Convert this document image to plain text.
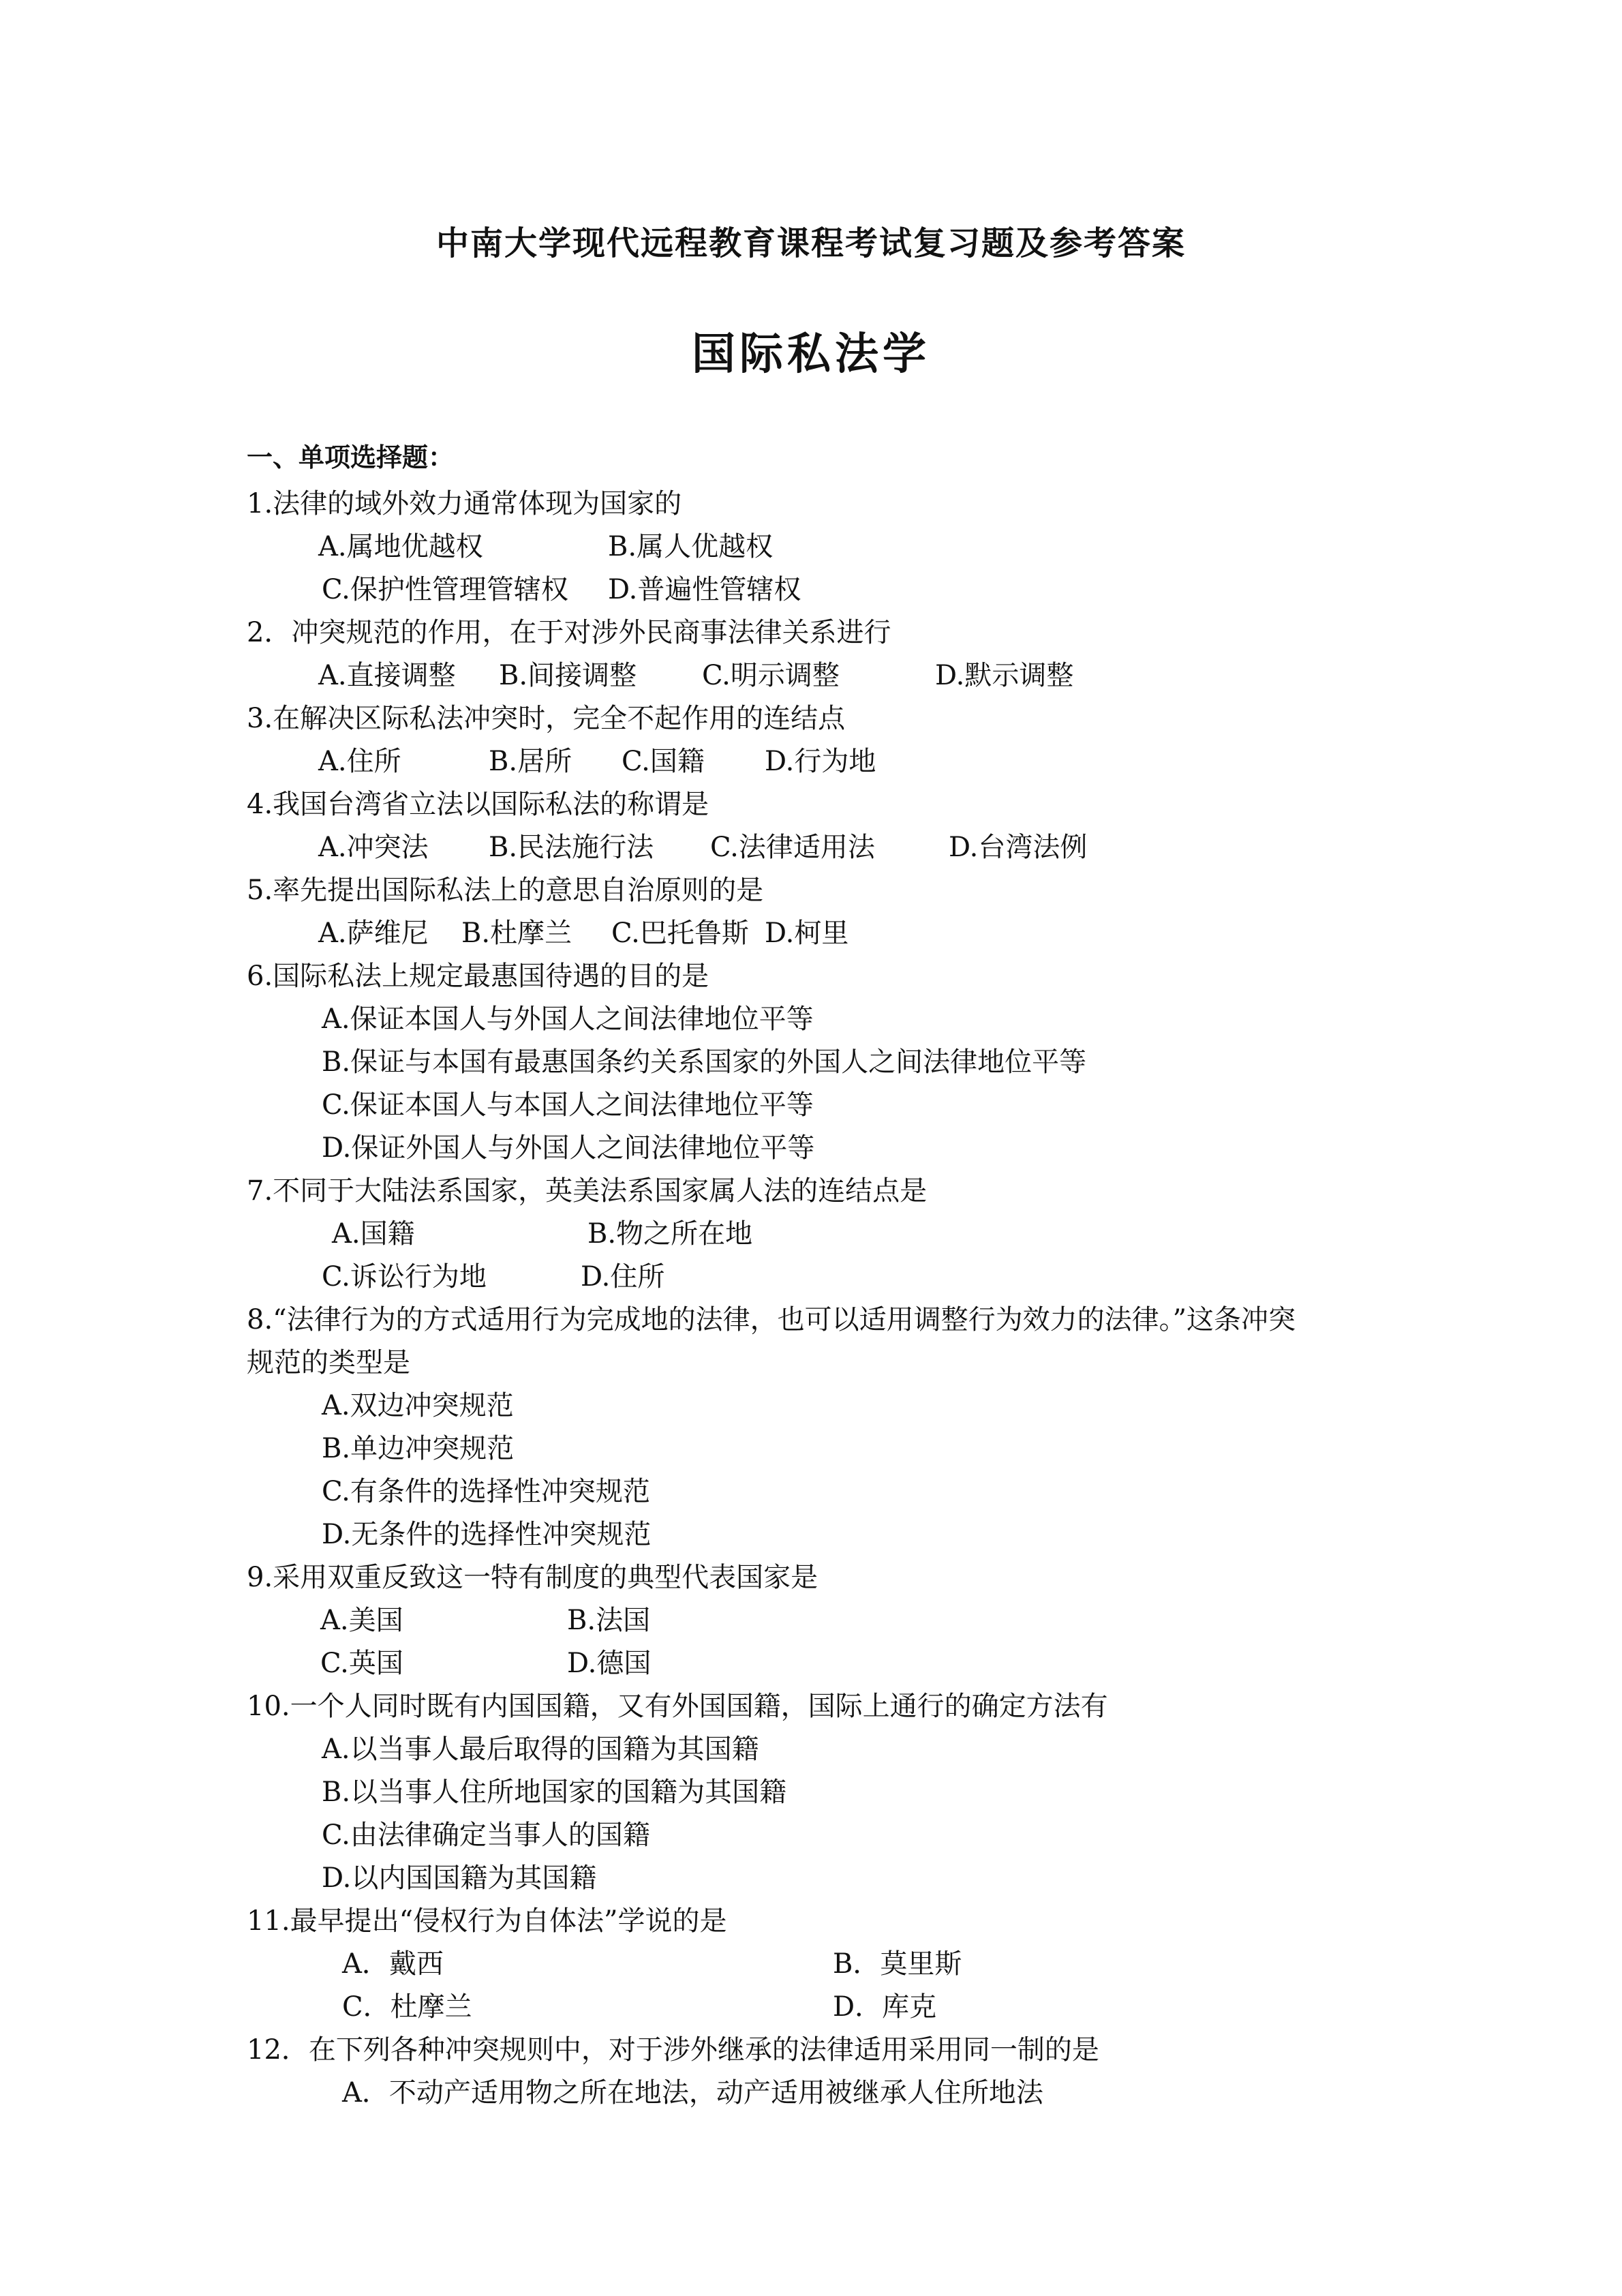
中南大学现代远程教育课程考试复习题及参考答案
国际私法学
一、单项选择题：
1.法律的域外效力通常体现为国家的
A.属地优越权	B.属人优越权
C.保护性管理管辖权 D.普遍性管辖权
2．冲突规范的作用，在于对涉外民商事法律关系进行
A.直接调整 B.间接调整 C.明示调整	D.默示调整
3.在解决区际私法冲突时，完全不起作用的连结点
A.住所	B.居所 C.国籍 D.行为地
4.我国台湾省立法以国际私法的称谓是
A.冲突法 B.民法施行法 C.法律适用法	D.台湾法例
5.率先提出国际私法上的意思自治原则的是
A.萨维尼 B.杜摩兰 C.巴托鲁斯 D.柯里
6.国际私法上规定最惠国待遇的目的是
A.保证本国人与外国人之间法律地位平等
B.保证与本国有最惠国条约关系国家的外国人之间法律地位平等
C.保证本国人与本国人之间法律地位平等
D.保证外国人与外国人之间法律地位平等
7.不同于大陆法系国家，英美法系国家属人法的连结点是
A.国籍	B.物之所在地
C.诉讼行为地	D.住所
8.“法律行为的方式适用行为完成地的法律，也可以适用调整行为效力的法律。”这条冲突
规范的类型是
A.双边冲突规范
B.单边冲突规范
C.有条件的选择性冲突规范
D.无条件的选择性冲突规范
9.采用双重反致这一特有制度的典型代表国家是
A.美国	B.法国
C.英国	D.德国
10.一个人同时既有内国国籍，又有外国国籍，国际上通行的确定方法有
A.以当事人最后取得的国籍为其国籍
B.以当事人住所地国家的国籍为其国籍
C.由法律确定当事人的国籍
D.以内国国籍为其国籍
11.最早提出“侵权行为自体法”学说的是
A．戴西	B．莫里斯
C．杜摩兰	D．库克
12．在下列各种冲突规则中，对于涉外继承的法律适用采用同一制的是
A．不动产适用物之所在地法，动产适用被继承人住所地法
